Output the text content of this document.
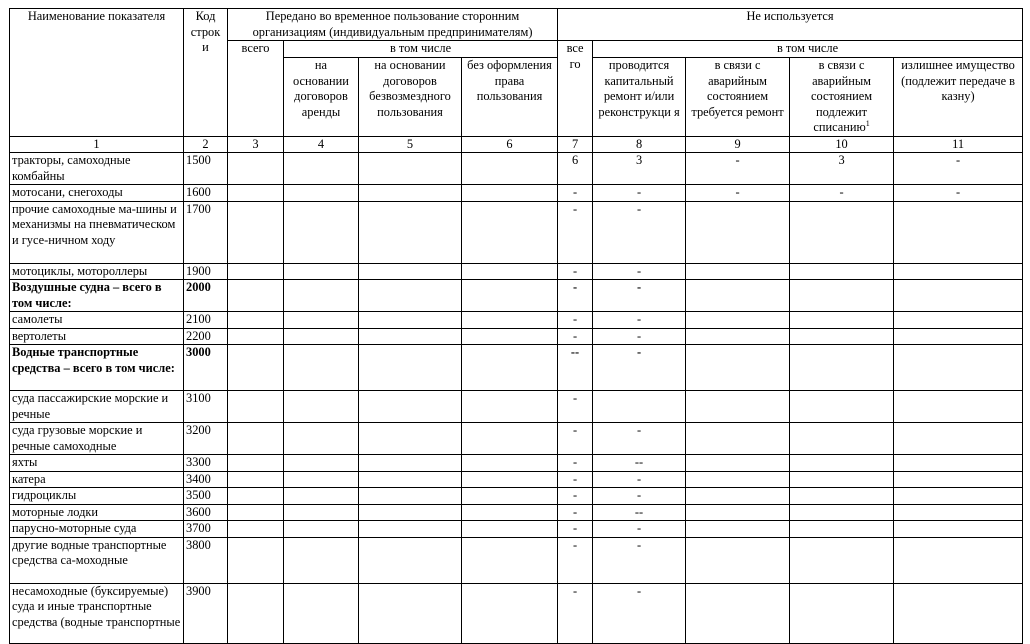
Наименование показателя	Код строк и	Передано во временное пользование сторонним организациям (индивидуальным предпринимателям)				Не используется				
		всего	в том числе			все го	в том числе			
			на основании договоров аренды	на основании договоров безвозмездного пользования	без оформления права пользования		проводится капитальный ремонт и/или реконструкци я	в связи с аварийным состоянием требуется ремонт	в связи с аварийным состоянием подлежит списанию$^1$	излишнее имущество (подлежит передаче в казну)
1	2	3	4	5	6	7	8	9	10	11
тракторы, самоходные комбайны	1500					6	3	-	3	-
мотосани, снегоходы	1600					-	-	-	-	-
прочие самоходные ма-шины и механизмы на пневматическом и гусе-ничном ходу	1700					-	-			
мотоциклы, мотороллеры	1900					-	-			
Воздушные судна – всего в том числе:	2000					-	-			
самолеты	2100					-	-			
вертолеты	2200					-	-			
Водные транспортные средства – всего в том числе:	3000					--	-			
суда пассажирские морские и речные	3100					-				
суда грузовые морские и речные самоходные	3200					-	-			
яхты	3300					-	--			
катера	3400					-	-			
гидроциклы	3500					-	-			
моторные лодки	3600					-	--			
парусно-моторные суда	3700					-	-			
другие водные транспортные средства са-моходные	3800					-	-			
несамоходные (буксируемые) суда и иные транспортные средства (водные транспортные	3900					-	-			
